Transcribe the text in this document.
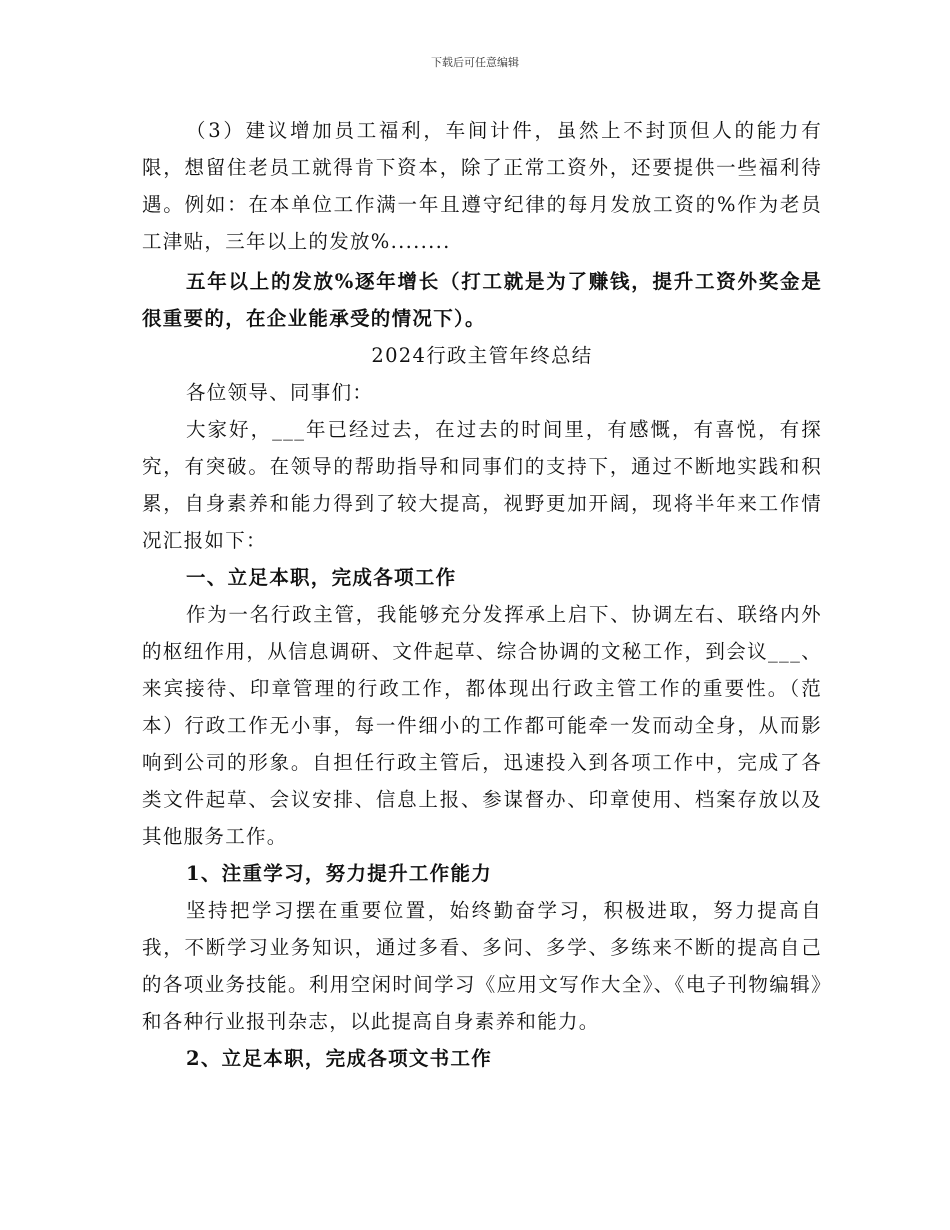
下载后可任意编辑

（3）建议增加员工福利，车间计件，虽然上不封顶但人的能力有限，想留住老员工就得肯下资本，除了正常工资外，还要提供一些福利待遇。例如：在本单位工作满一年且遵守纪律的每月发放工资的%作为老员工津贴，三年以上的发放%........

五年以上的发放%逐年增长（打工就是为了赚钱，提升工资外奖金是很重要的，在企业能承受的情况下）。

2024行政主管年终总结

各位领导、同事们：

大家好，___年已经过去，在过去的时间里，有感慨，有喜悦，有探究，有突破。在领导的帮助指导和同事们的支持下，通过不断地实践和积累，自身素养和能力得到了较大提高，视野更加开阔，现将半年来工作情况汇报如下：

一、立足本职，完成各项工作

作为一名行政主管，我能够充分发挥承上启下、协调左右、联络内外的枢纽作用，从信息调研、文件起草、综合协调的文秘工作，到会议___、来宾接待、印章管理的行政工作，都体现出行政主管工作的重要性。（范本）行政工作无小事，每一件细小的工作都可能牵一发而动全身，从而影响到公司的形象。自担任行政主管后，迅速投入到各项工作中，完成了各类文件起草、会议安排、信息上报、参谋督办、印章使用、档案存放以及其他服务工作。

1、注重学习，努力提升工作能力

坚持把学习摆在重要位置，始终勤奋学习，积极进取，努力提高自我，不断学习业务知识，通过多看、多问、多学、多练来不断的提高自己的各项业务技能。利用空闲时间学习《应用文写作大全》、《电子刊物编辑》和各种行业报刊杂志，以此提高自身素养和能力。

2、立足本职，完成各项文书工作
